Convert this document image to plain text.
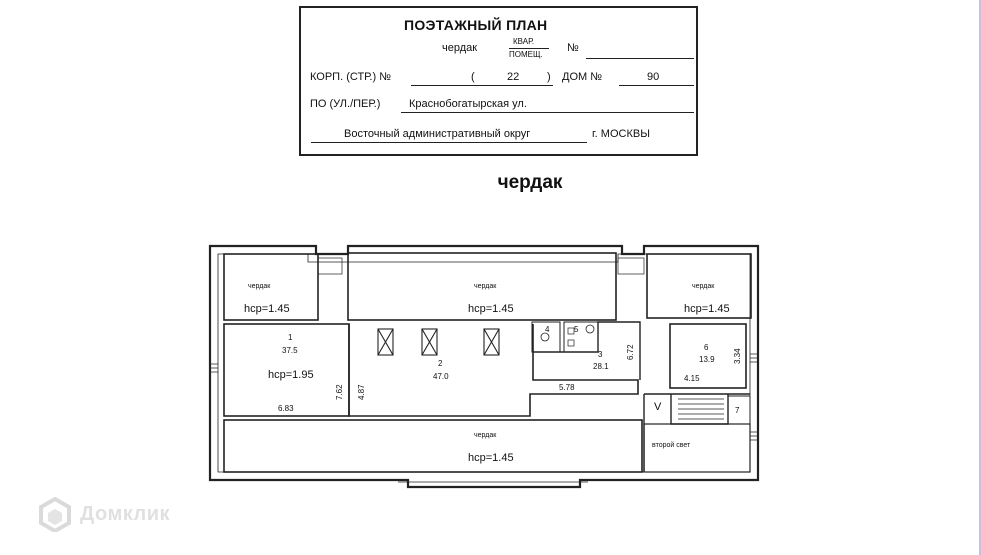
ПОЭТАЖНЫЙ ПЛАН
чердак
КВАР.
ПОМЕЩ.
№
КОРП. (СТР.) №	(	22	) ДОМ №	90
ПО (УЛ./ПЕР.)	Краснобогатырская ул.
Восточный административный округ	г. МОСКВЫ
чердак
чердак
hср=1.45
чердак
hср=1.45
чердак
hср=1.45
1
37.5
hср=1.95
6.83
7.62
2
47.0
4.87
4	5
3
28.1
6.72
5.78
6
13.9 3.34
4.15
V	7
второй свет
чердак
hср=1.45
Домклик
